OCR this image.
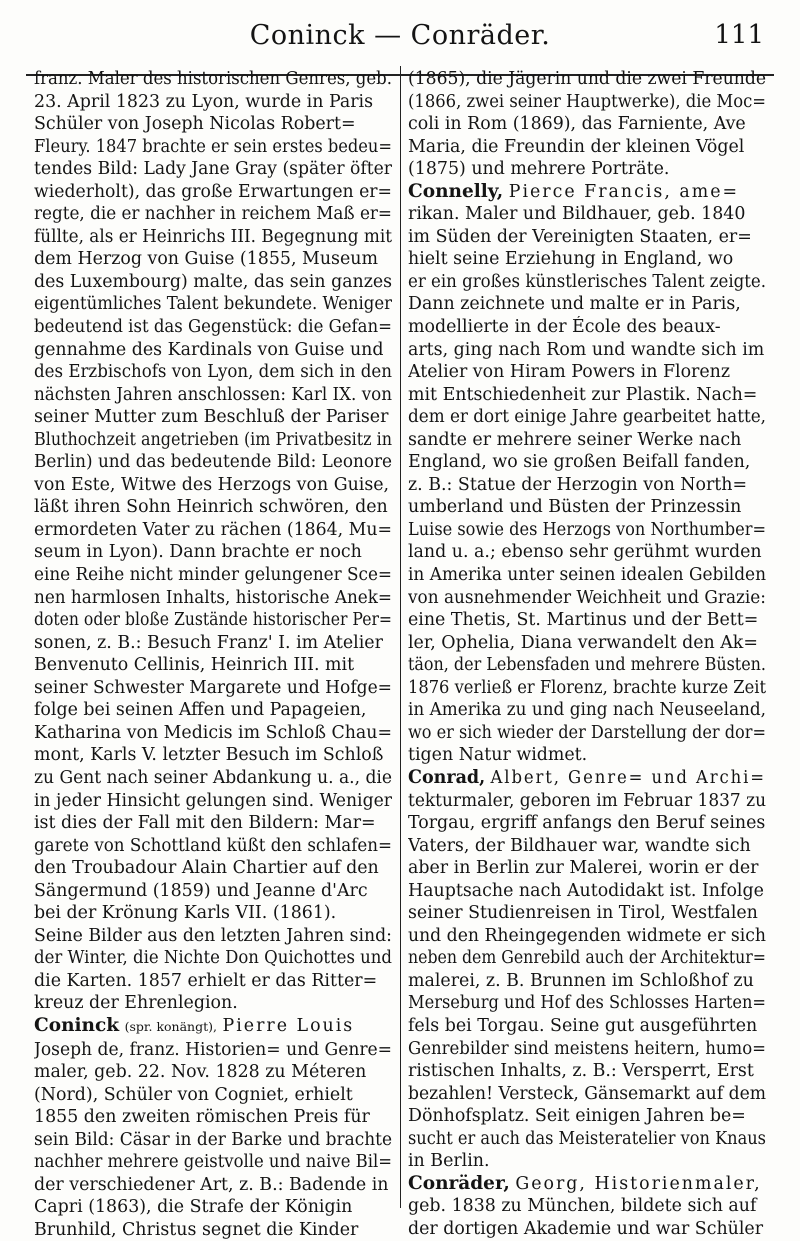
Coninck — Conräder.	111
franz. Maler des historischen Genres, geb.
23. April 1823 zu Lyon, wurde in Paris
Schüler von Joseph Nicolas Robert=
Fleury. 1847 brachte er sein erstes bedeu=
tendes Bild: Lady Jane Gray (später öfter
wiederholt), das große Erwartungen er=
regte, die er nachher in reichem Maß er=
füllte, als er Heinrichs III. Begegnung mit
dem Herzog von Guise (1855, Museum
des Luxembourg) malte, das sein ganzes
eigentümliches Talent bekundete. Weniger
bedeutend ist das Gegenstück: die Gefan=
gennahme des Kardinals von Guise und
des Erzbischofs von Lyon, dem sich in den
nächsten Jahren anschlossen: Karl IX. von
seiner Mutter zum Beschluß der Pariser
Bluthochzeit angetrieben (im Privatbesitz in
Berlin) und das bedeutende Bild: Leonore
von Este, Witwe des Herzogs von Guise,
läßt ihren Sohn Heinrich schwören, den
ermordeten Vater zu rächen (1864, Mu=
seum in Lyon). Dann brachte er noch
eine Reihe nicht minder gelungener Sce=
nen harmlosen Inhalts, historische Anek=
doten oder bloße Zustände historischer Per=
sonen, z. B.: Besuch Franz' I. im Atelier
Benvenuto Cellinis, Heinrich III. mit
seiner Schwester Margarete und Hofge=
folge bei seinen Affen und Papageien,
Katharina von Medicis im Schloß Chau=
mont, Karls V. letzter Besuch im Schloß
zu Gent nach seiner Abdankung u. a., die
in jeder Hinsicht gelungen sind. Weniger
ist dies der Fall mit den Bildern: Mar=
garete von Schottland küßt den schlafen=
den Troubadour Alain Chartier auf den
Sängermund (1859) und Jeanne d'Arc
bei der Krönung Karls VII. (1861).
Seine Bilder aus den letzten Jahren sind:
der Winter, die Nichte Don Quichottes und
die Karten. 1857 erhielt er das Ritter=
kreuz der Ehrenlegion.
Coninck (spr. konängt), Pierre Louis
Joseph de, franz. Historien= und Genre=
maler, geb. 22. Nov. 1828 zu Méteren
(Nord), Schüler von Cogniet, erhielt
1855 den zweiten römischen Preis für
sein Bild: Cäsar in der Barke und brachte
nachher mehrere geistvolle und naive Bil=
der verschiedener Art, z. B.: Badende in
Capri (1863), die Strafe der Königin
Brunhild, Christus segnet die Kinder
(1865), die Jägerin und die zwei Freunde
(1866, zwei seiner Hauptwerke), die Moc=
coli in Rom (1869), das Farniente, Ave
Maria, die Freundin der kleinen Vögel
(1875) und mehrere Porträte.
Connelly, Pierce Francis, ame=
rikan. Maler und Bildhauer, geb. 1840
im Süden der Vereinigten Staaten, er=
hielt seine Erziehung in England, wo
er ein großes künstlerisches Talent zeigte.
Dann zeichnete und malte er in Paris,
modellierte in der École des beaux-
arts, ging nach Rom und wandte sich im
Atelier von Hiram Powers in Florenz
mit Entschiedenheit zur Plastik. Nach=
dem er dort einige Jahre gearbeitet hatte,
sandte er mehrere seiner Werke nach
England, wo sie großen Beifall fanden,
z. B.: Statue der Herzogin von North=
umberland und Büsten der Prinzessin
Luise sowie des Herzogs von Northumber=
land u. a.; ebenso sehr gerühmt wurden
in Amerika unter seinen idealen Gebilden
von ausnehmender Weichheit und Grazie:
eine Thetis, St. Martinus und der Bett=
ler, Ophelia, Diana verwandelt den Ak=
täon, der Lebensfaden und mehrere Büsten.
1876 verließ er Florenz, brachte kurze Zeit
in Amerika zu und ging nach Neuseeland,
wo er sich wieder der Darstellung der dor=
tigen Natur widmet.
Conrad, Albert, Genre= und Archi=
tekturmaler, geboren im Februar 1837 zu
Torgau, ergriff anfangs den Beruf seines
Vaters, der Bildhauer war, wandte sich
aber in Berlin zur Malerei, worin er der
Hauptsache nach Autodidakt ist. Infolge
seiner Studienreisen in Tirol, Westfalen
und den Rheingegenden widmete er sich
neben dem Genrebild auch der Architektur=
malerei, z. B. Brunnen im Schloßhof zu
Merseburg und Hof des Schlosses Harten=
fels bei Torgau. Seine gut ausgeführten
Genrebilder sind meistens heitern, humo=
ristischen Inhalts, z. B.: Versperrt, Erst
bezahlen! Versteck, Gänsemarkt auf dem
Dönhofsplatz. Seit einigen Jahren be=
sucht er auch das Meisteratelier von Knaus
in Berlin.
Conräder, Georg, Historienmaler,
geb. 1838 zu München, bildete sich auf
der dortigen Akademie und war Schüler
